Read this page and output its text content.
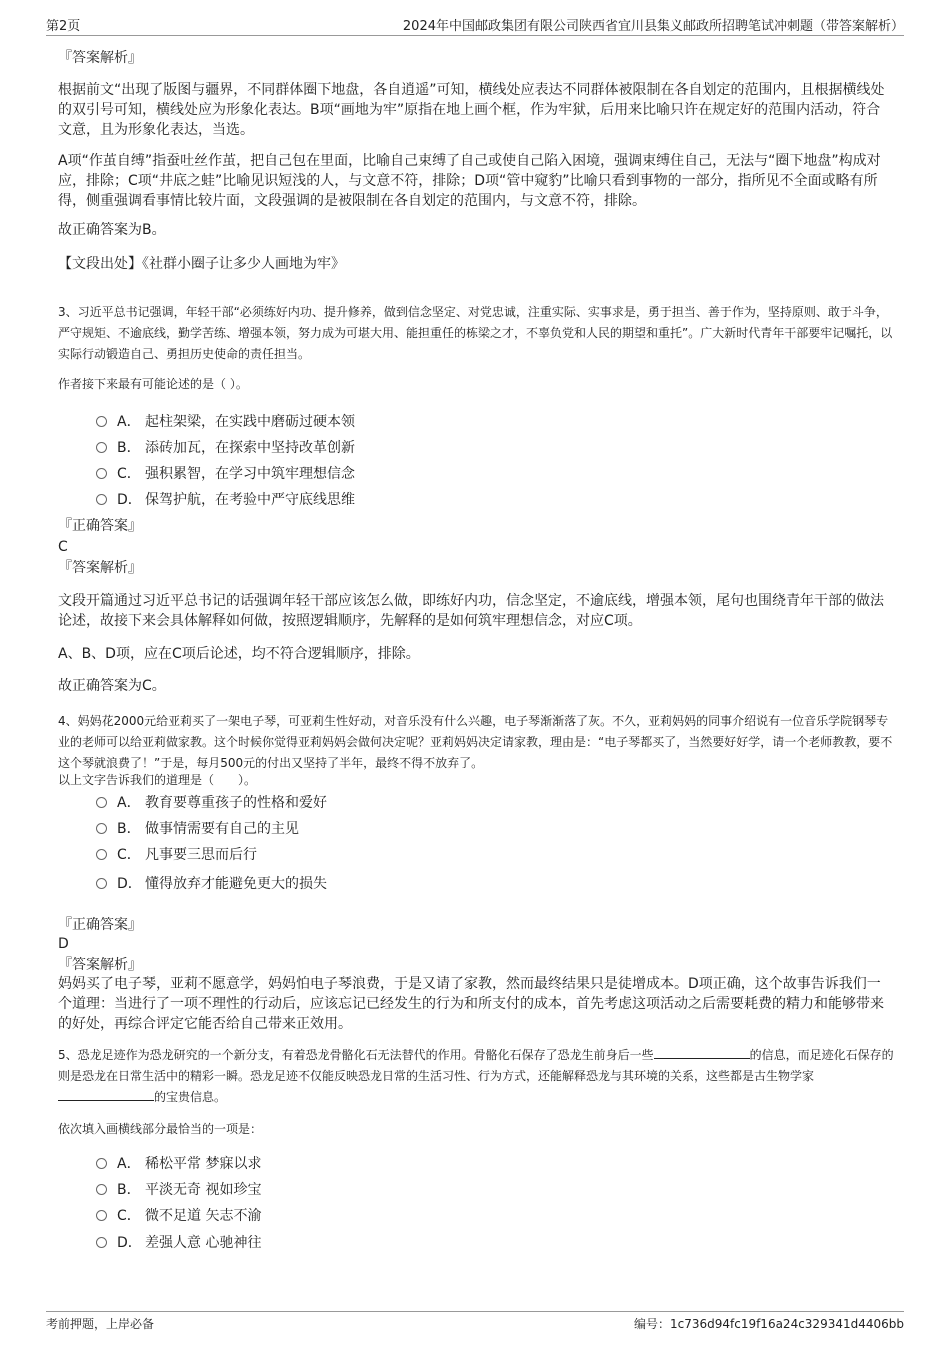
第2页	2024年中国邮政集团有限公司陕西省宜川县集义邮政所招聘笔试冲刺题（带答案解析）
『答案解析』
根据前文“出现了版图与疆界，不同群体圈下地盘，各自逍遥”可知，横线处应表达不同群体被限制在各自划定的范围内，且根据横线处的双引号可知，横线处应为形象化表达。B项“画地为牢”原指在地上画个框，作为牢狱，后用来比喻只许在规定好的范围内活动，符合文意，且为形象化表达，当选。
A项“作茧自缚”指蚕吐丝作茧，把自己包在里面，比喻自己束缚了自己或使自己陷入困境，强调束缚住自己，无法与“圈下地盘”构成对应，排除；C项“井底之蛙”比喻见识短浅的人，与文意不符，排除；D项“管中窥豹”比喻只看到事物的一部分，指所见不全面或略有所得，侧重强调看事情比较片面，文段强调的是被限制在各自划定的范围内，与文意不符，排除。
故正确答案为B。
【文段出处】《社群小圈子让多少人画地为牢》
3、习近平总书记强调，年轻干部“必须练好内功、提升修养，做到信念坚定、对党忠诚，注重实际、实事求是，勇于担当、善于作为，坚持原则、敢于斗争，严守规矩、不逾底线，勤学苦练、增强本领，努力成为可堪大用、能担重任的栋梁之才，不辜负党和人民的期望和重托”。广大新时代青年干部要牢记嘱托，以实际行动锻造自己、勇担历史使命的责任担当。
作者接下来最有可能论述的是（ ）。
A． 起柱架梁，在实践中磨砺过硬本领
B． 添砖加瓦，在探索中坚持改革创新
C． 强积累智，在学习中筑牢理想信念
D． 保驾护航，在考验中严守底线思维
『正确答案』
C
『答案解析』
文段开篇通过习近平总书记的话强调年轻干部应该怎么做，即练好内功，信念坚定，不逾底线，增强本领，尾句也围绕青年干部的做法论述，故接下来会具体解释如何做，按照逻辑顺序，先解释的是如何筑牢理想信念，对应C项。
A、B、D项，应在C项后论述，均不符合逻辑顺序，排除。
故正确答案为C。
4、妈妈花2000元给亚莉买了一架电子琴，可亚莉生性好动，对音乐没有什么兴趣，电子琴渐渐落了灰。不久，亚莉妈妈的同事介绍说有一位音乐学院钢琴专业的老师可以给亚莉做家教。这个时候你觉得亚莉妈妈会做何决定呢？亚莉妈妈决定请家教，理由是：“电子琴都买了，当然要好好学，请一个老师教教，要不这个琴就浪费了！”于是，每月500元的付出又坚持了半年，最终不得不放弃了。
以上文字告诉我们的道理是（　　）。
A． 教育要尊重孩子的性格和爱好
B． 做事情需要有自己的主见
C． 凡事要三思而后行
D． 懂得放弃才能避免更大的损失
『正确答案』
D
『答案解析』
妈妈买了电子琴，亚莉不愿意学，妈妈怕电子琴浪费，于是又请了家教，然而最终结果只是徒增成本。D项正确，这个故事告诉我们一个道理：当进行了一项不理性的行动后，应该忘记已经发生的行为和所支付的成本，首先考虑这项活动之后需要耗费的精力和能够带来的好处，再综合评定它能否给自己带来正效用。
5、恐龙足迹作为恐龙研究的一个新分支，有着恐龙骨骼化石无法替代的作用。骨骼化石保存了恐龙生前身后一些	的信息，而足迹化石保存的则是恐龙在日常生活中的精彩一瞬。恐龙足迹不仅能反映恐龙日常的生活习性、行为方式，还能解释恐龙与其环境的关系，这些都是古生物学家的宝贵信息。
依次填入画横线部分最恰当的一项是：
A． 稀松平常 梦寐以求
B． 平淡无奇 视如珍宝
C． 微不足道 矢志不渝
D． 差强人意 心驰神往
考前押题，上岸必备	编号：1c736d94fc19f16a24c329341d4406bb
